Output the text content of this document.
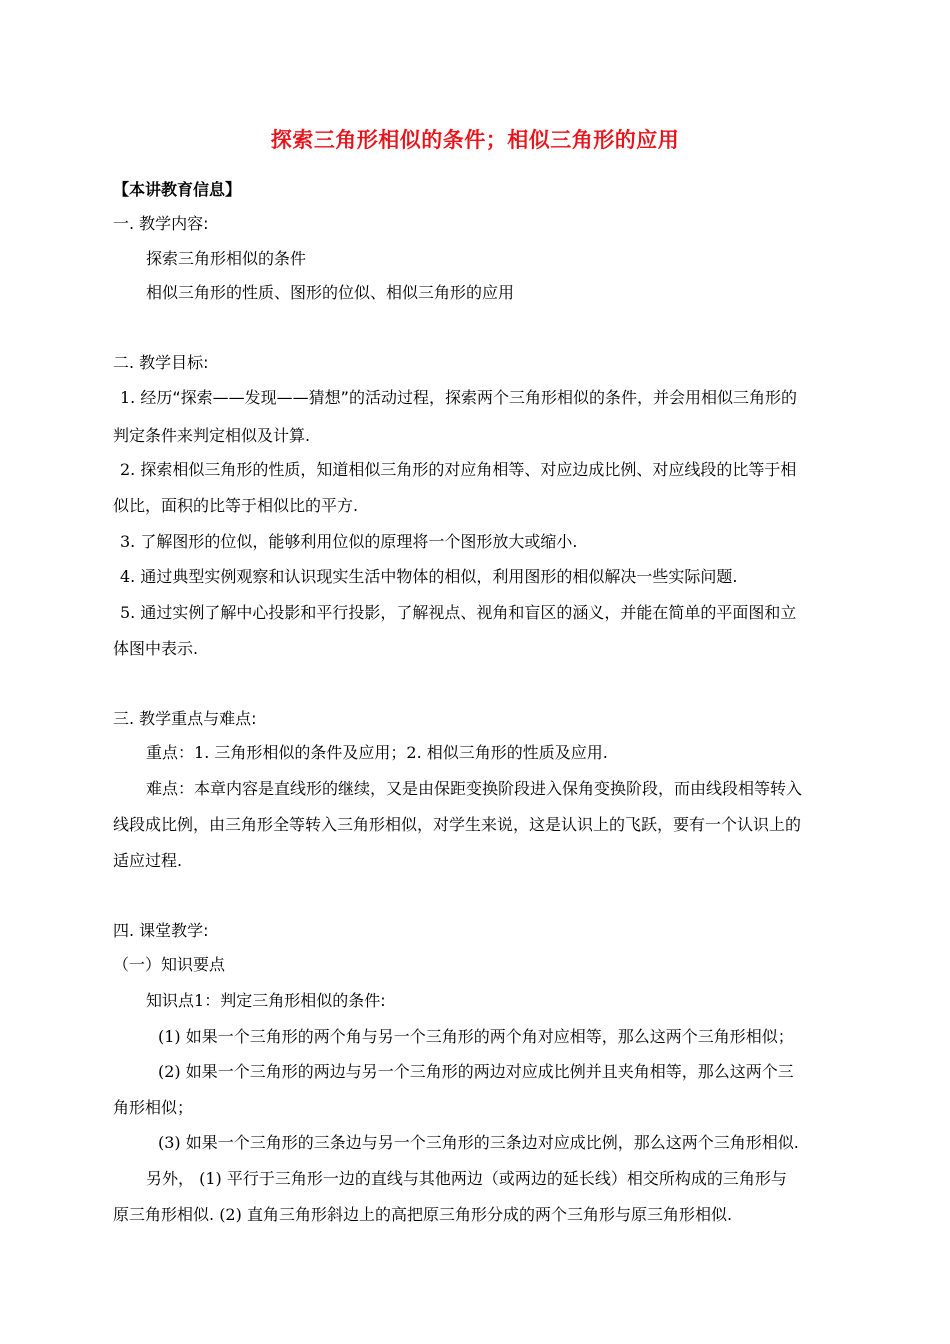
探索三角形相似的条件；相似三角形的应用
【本讲教育信息】
一. 教学内容:
探索三角形相似的条件
相似三角形的性质、图形的位似、相似三角形的应用
二. 教学目标:
1. 经历“探索——发现——猜想”的活动过程，探索两个三角形相似的条件，并会用相似三角形的
判定条件来判定相似及计算.
2. 探索相似三角形的性质，知道相似三角形的对应角相等、对应边成比例、对应线段的比等于相
似比，面积的比等于相似比的平方.
3. 了解图形的位似，能够利用位似的原理将一个图形放大或缩小.
4. 通过典型实例观察和认识现实生活中物体的相似，利用图形的相似解决一些实际问题.
5. 通过实例了解中心投影和平行投影，了解视点、视角和盲区的涵义，并能在简单的平面图和立
体图中表示.
三. 教学重点与难点:
重点：1. 三角形相似的条件及应用；2. 相似三角形的性质及应用.
难点：本章内容是直线形的继续，又是由保距变换阶段进入保角变换阶段，而由线段相等转入
线段成比例，由三角形全等转入三角形相似，对学生来说，这是认识上的飞跃，要有一个认识上的
适应过程.
四. 课堂教学:
（一）知识要点
知识点1：判定三角形相似的条件:
(1) 如果一个三角形的两个角与另一个三角形的两个角对应相等，那么这两个三角形相似；
(2) 如果一个三角形的两边与另一个三角形的两边对应成比例并且夹角相等，那么这两个三
角形相似；
(3) 如果一个三角形的三条边与另一个三角形的三条边对应成比例，那么这两个三角形相似.
另外， (1) 平行于三角形一边的直线与其他两边（或两边的延长线）相交所构成的三角形与
原三角形相似. (2) 直角三角形斜边上的高把原三角形分成的两个三角形与原三角形相似.
